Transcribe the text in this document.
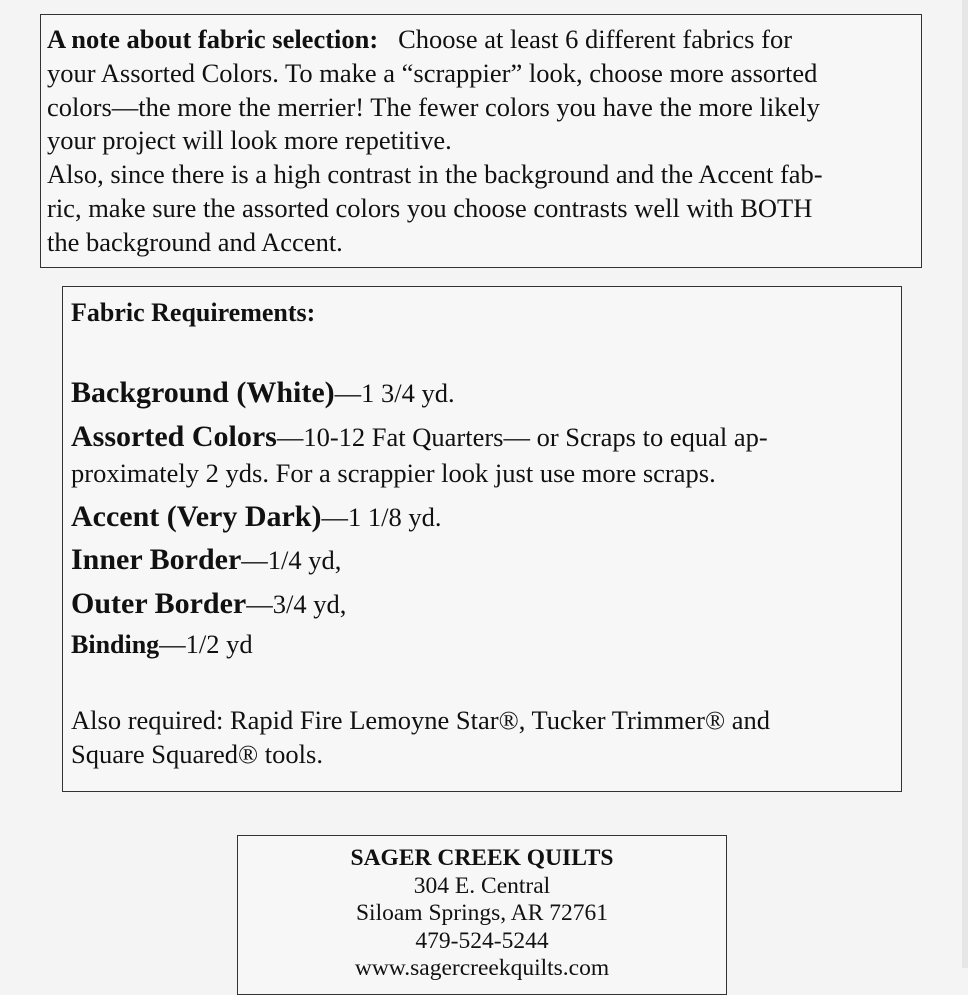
A note about fabric selection: Choose at least 6 different fabrics for

your Assorted Colors. To make a “scrappier” look, choose more assorted

colors—the more the merrier! The fewer colors you have the more likely

your project will look more repetitive.

Also, since there is a high contrast in the background and the Accent fab-

ric, make sure the assorted colors you choose contrasts well with BOTH

the background and Accent.

Fabric Requirements:
Background (White)—1 3/4 yd.
Assorted Colors—10-12 Fat Quarters— or Scraps to equal ap-
proximately 2 yds. For a scrappier look just use more scraps.
Accent (Very Dark)—1 1/8 yd.
Inner Border—1/4 yd,
Outer Border—3/4 yd,
Binding—1/2 yd
Also required: Rapid Fire Lemoyne Star®, Tucker Trimmer® and
Square Squared® tools.
SAGER CREEK QUILTS
304 E. Central
Siloam Springs, AR 72761
479-524-5244
www.sagercreekquilts.com
